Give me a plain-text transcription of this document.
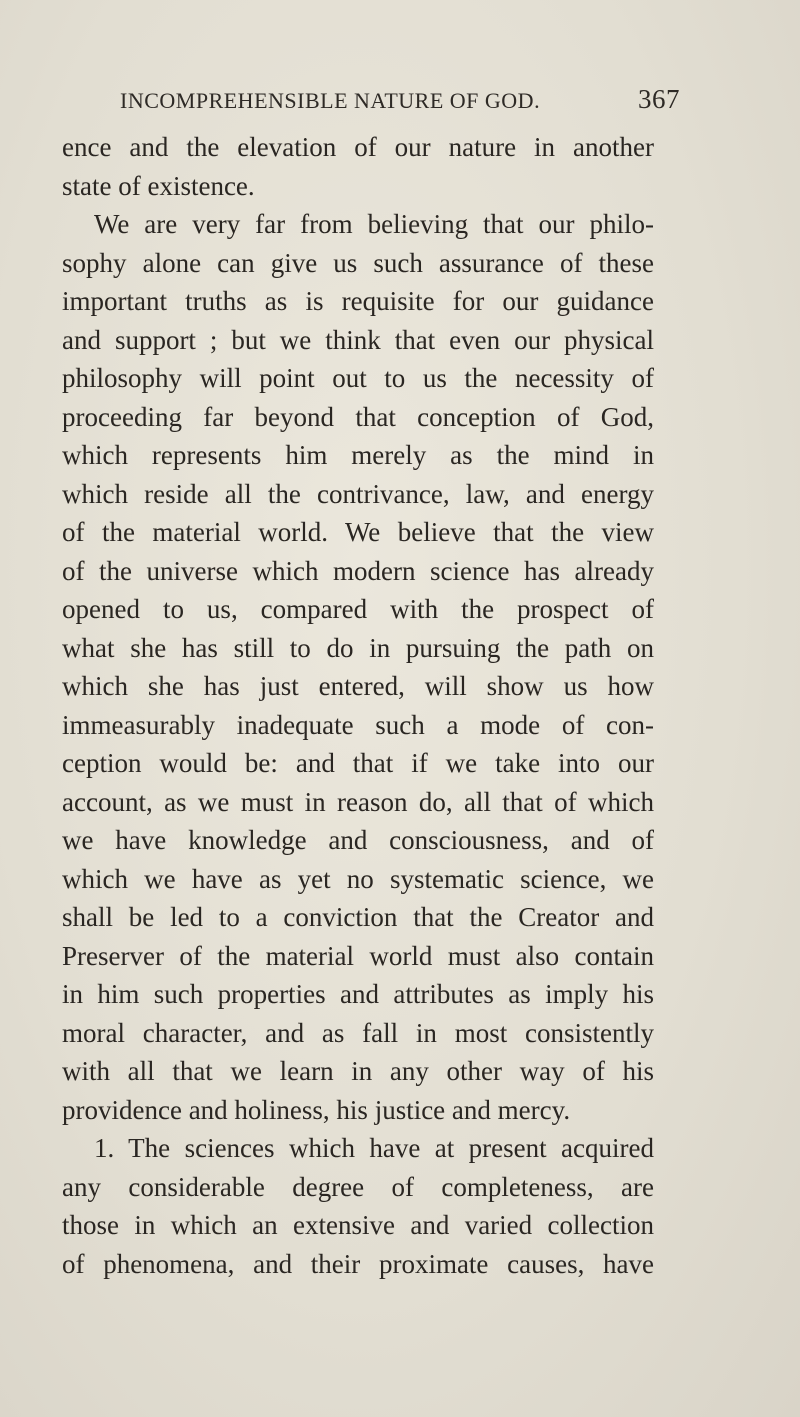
INCOMPREHENSIBLE NATURE OF GOD.	367
ence and the elevation of our nature in another
state of existence.
We are very far from believing that our philo-
sophy alone can give us such assurance of these
important truths as is requisite for our guidance
and support ; but we think that even our physical
philosophy will point out to us the necessity of
proceeding far beyond that conception of God,
which represents him merely as the mind in
which reside all the contrivance, law, and energy
of the material world. We believe that the view
of the universe which modern science has already
opened to us, compared with the prospect of
what she has still to do in pursuing the path on
which she has just entered, will show us how
immeasurably inadequate such a mode of con-
ception would be: and that if we take into our
account, as we must in reason do, all that of which
we have knowledge and consciousness, and of
which we have as yet no systematic science, we
shall be led to a conviction that the Creator and
Preserver of the material world must also contain
in him such properties and attributes as imply his
moral character, and as fall in most consistently
with all that we learn in any other way of his
providence and holiness, his justice and mercy.
1. The sciences which have at present acquired
any considerable degree of completeness, are
those in which an extensive and varied collection
of phenomena, and their proximate causes, have
